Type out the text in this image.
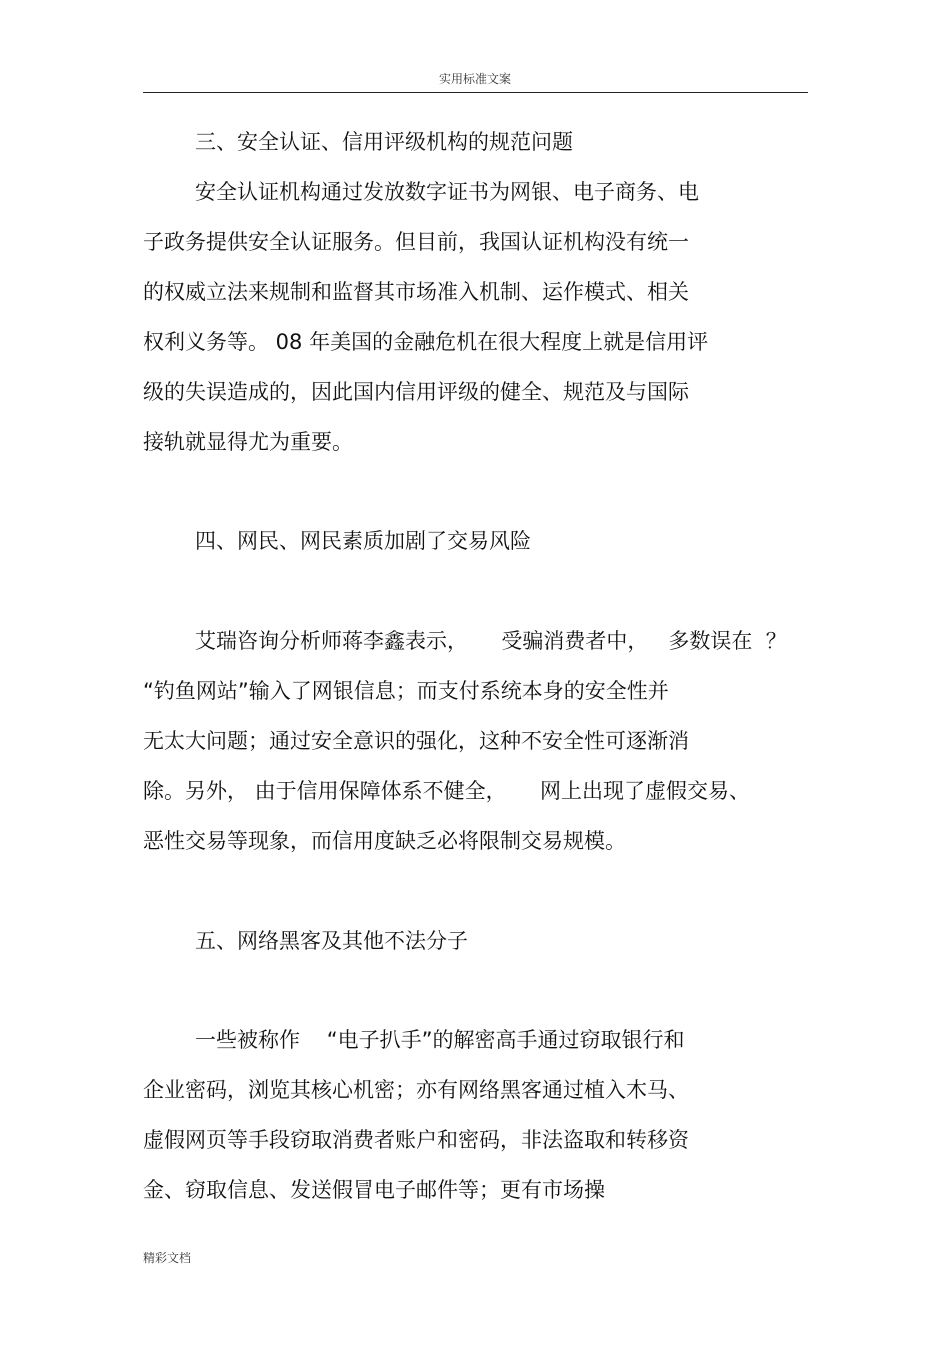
实用标准文案
三、安全认证、信用评级机构的规范问题
安全认证机构通过发放数字证书为网银、电子商务、电
子政务提供安全认证服务。但目前，我国认证机构没有统一
的权威立法来规制和监督其市场准入机制、运作模式、相关
权利义务等。 08 年美国的金融危机在很大程度上就是信用评
级的失误造成的，因此国内信用评级的健全、规范及与国际
接轨就显得尤为重要。
四、网民、网民素质加剧了交易风险
艾瑞咨询分析师蒋李鑫表示，     受骗消费者中，   多数误在  ？
“钓鱼网站”输入了网银信息；而支付系统本身的安全性并
无太大问题；通过安全意识的强化，这种不安全性可逐渐消
除。另外， 由于信用保障体系不健全，     网上出现了虚假交易、
恶性交易等现象，而信用度缺乏必将限制交易规模。
五、网络黑客及其他不法分子
一些被称作    “电子扒手”的解密高手通过窃取银行和
企业密码，浏览其核心机密；亦有网络黑客通过植入木马、
虚假网页等手段窃取消费者账户和密码，非法盗取和转移资
金、窃取信息、发送假冒电子邮件等；更有市场操
精彩文档
